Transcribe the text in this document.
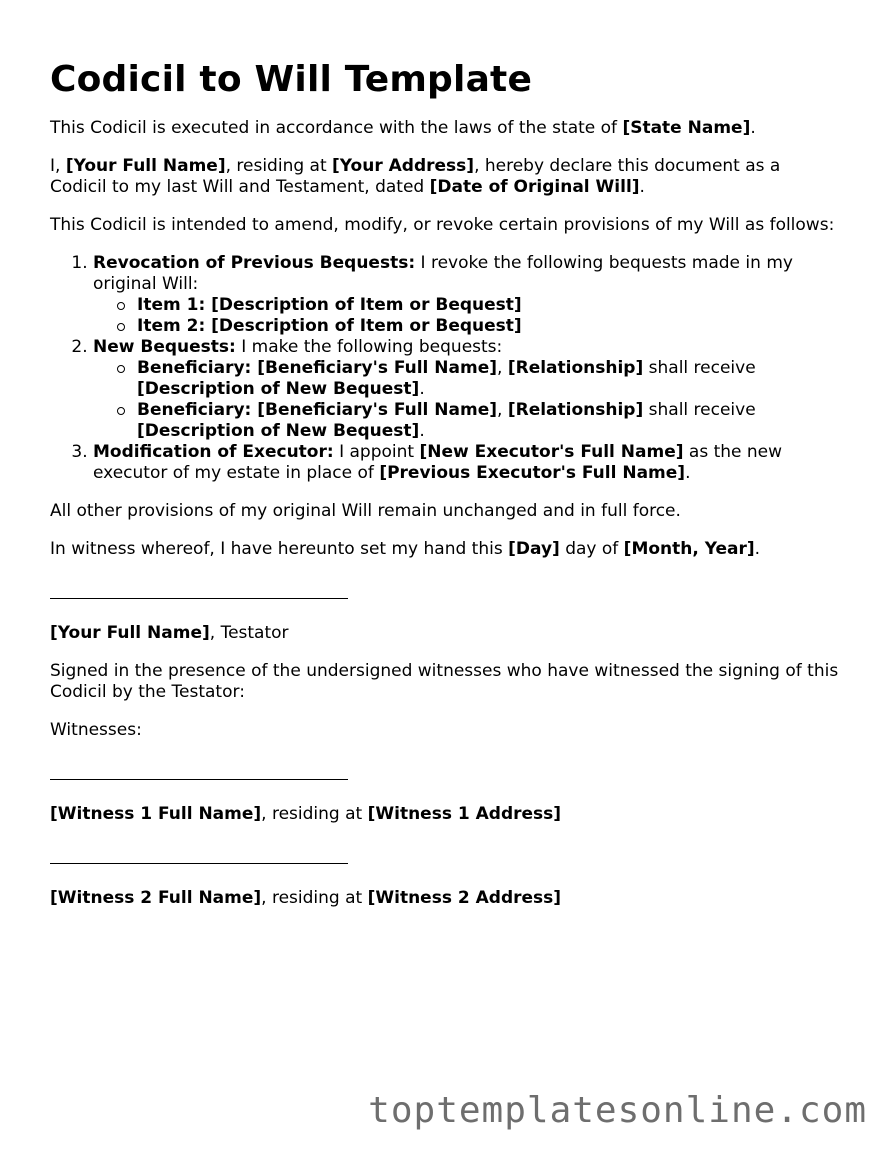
Codicil to Will Template

This Codicil is executed in accordance with the laws of the state of [State Name].

I, [Your Full Name], residing at [Your Address], hereby declare this document as a Codicil to my last Will and Testament, dated [Date of Original Will].

This Codicil is intended to amend, modify, or revoke certain provisions of my Will as follows:

1. Revocation of Previous Bequests: I revoke the following bequests made in my original Will:
Item 1: [Description of Item or Bequest]
Item 2: [Description of Item or Bequest]
2. New Bequests: I make the following bequests:
Beneficiary: [Beneficiary's Full Name], [Relationship] shall receive [Description of New Bequest].
Beneficiary: [Beneficiary's Full Name], [Relationship] shall receive [Description of New Bequest].
3. Modification of Executor: I appoint [New Executor's Full Name] as the new executor of my estate in place of [Previous Executor's Full Name].

All other provisions of my original Will remain unchanged and in full force.

In witness whereof, I have hereunto set my hand this [Day] day of [Month, Year].

[Your Full Name], Testator

Signed in the presence of the undersigned witnesses who have witnessed the signing of this Codicil by the Testator:

Witnesses:

[Witness 1 Full Name], residing at [Witness 1 Address]

[Witness 2 Full Name], residing at [Witness 2 Address]

toptemplatesonline.com
